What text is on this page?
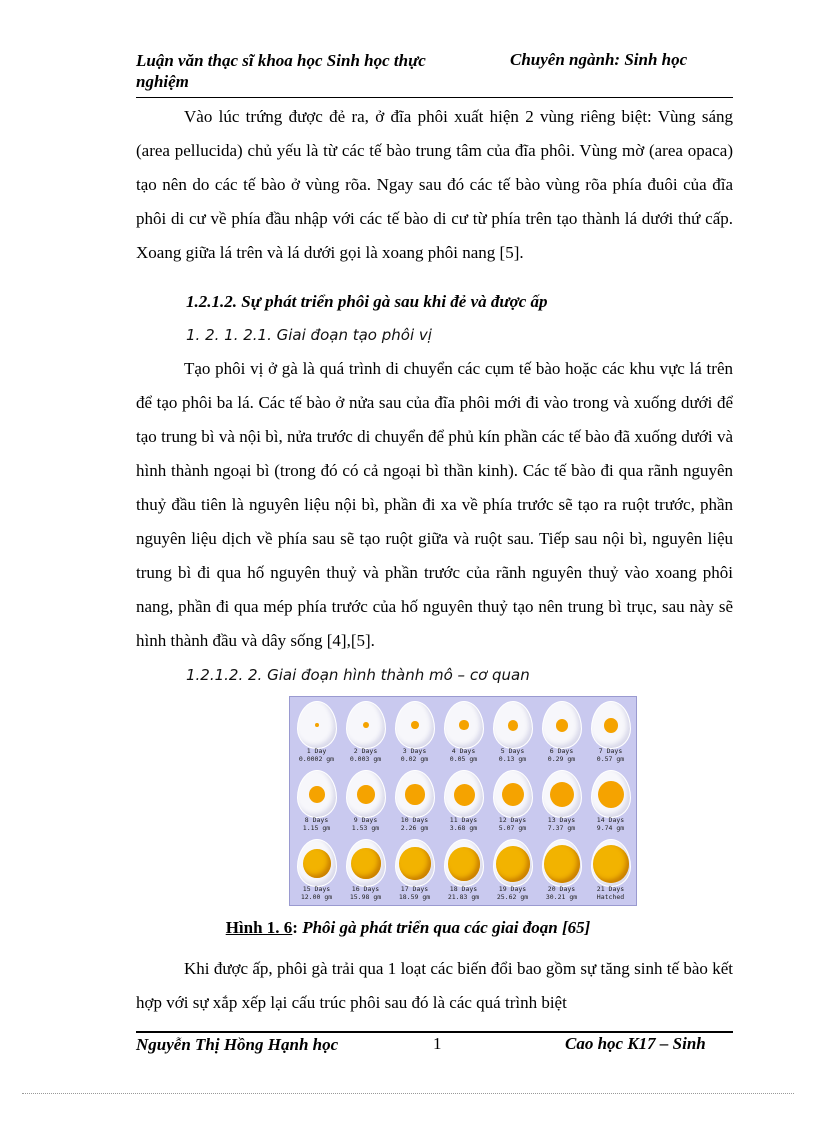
Luận văn thạc sĩ khoa học Sinh học thực nghiệm
Chuyên ngành: Sinh học
Vào lúc trứng được đẻ ra, ở đĩa phôi xuất hiện 2 vùng riêng biệt: Vùng sáng (area pellucida) chủ yếu là từ các tế bào trung tâm của đĩa phôi. Vùng mờ (area opaca) tạo nên do các tế bào ở vùng rõa. Ngay sau đó các tế bào vùng rõa phía đuôi của đĩa phôi di cư về phía đầu nhập với các tế bào di cư từ phía trên tạo thành lá dưới thứ cấp. Xoang giữa lá trên và lá dưới gọi là xoang phôi nang [5].
1.2.1.2. Sự phát triển phôi gà sau khi đẻ và được ấp
1. 2. 1. 2.1. Giai đoạn tạo phôi vị
Tạo phôi vị ở gà là quá trình di chuyển các cụm tế bào hoặc các khu vực lá trên để tạo phôi ba lá. Các tế bào ở nửa sau của đĩa phôi mới đi vào trong và xuống dưới để tạo trung bì và nội bì, nửa trước di chuyển để phủ kín phần các tế bào đã xuống dưới và hình thành ngoại bì (trong đó có cả ngoại bì thần kinh). Các tế bào đi qua rãnh nguyên thuỷ đầu tiên là nguyên liệu nội bì, phần đi xa về phía trước sẽ tạo ra ruột trước, phần nguyên liệu dịch về phía sau sẽ tạo ruột giữa và ruột sau. Tiếp sau nội bì, nguyên liệu trung bì đi qua hố nguyên thuỷ và phần trước của rãnh nguyên thuỷ vào xoang phôi nang, phần đi qua mép phía trước của hố nguyên thuỷ tạo nên trung bì trục, sau này sẽ hình thành đầu và dây sống [4],[5].
1.2.1.2. 2. Giai đoạn hình thành mô – cơ quan
1 Day
0.0002 gm
2 Days
0.003 gm
3 Days
0.02 gm
4 Days
0.05 gm
5 Days
0.13 gm
6 Days
0.29 gm
7 Days
0.57 gm
8 Days
1.15 gm
9 Days
1.53 gm
10 Days
2.26 gm
11 Days
3.68 gm
12 Days
5.07 gm
13 Days
7.37 gm
14 Days
9.74 gm
15 Days
12.00 gm
16 Days
15.98 gm
17 Days
18.59 gm
18 Days
21.83 gm
19 Days
25.62 gm
20 Days
30.21 gm
21 Days
Hatched
Hình 1. 6: Phôi gà phát triển qua các giai đoạn [65]
Khi được ấp, phôi gà trải qua 1 loạt các biến đổi bao gồm sự tăng sinh tế bào kết hợp với sự xắp xếp lại cấu trúc phôi sau đó là các quá trình biệt
Nguyễn Thị Hồng Hạnh học	1	Cao học K17 – Sinh
